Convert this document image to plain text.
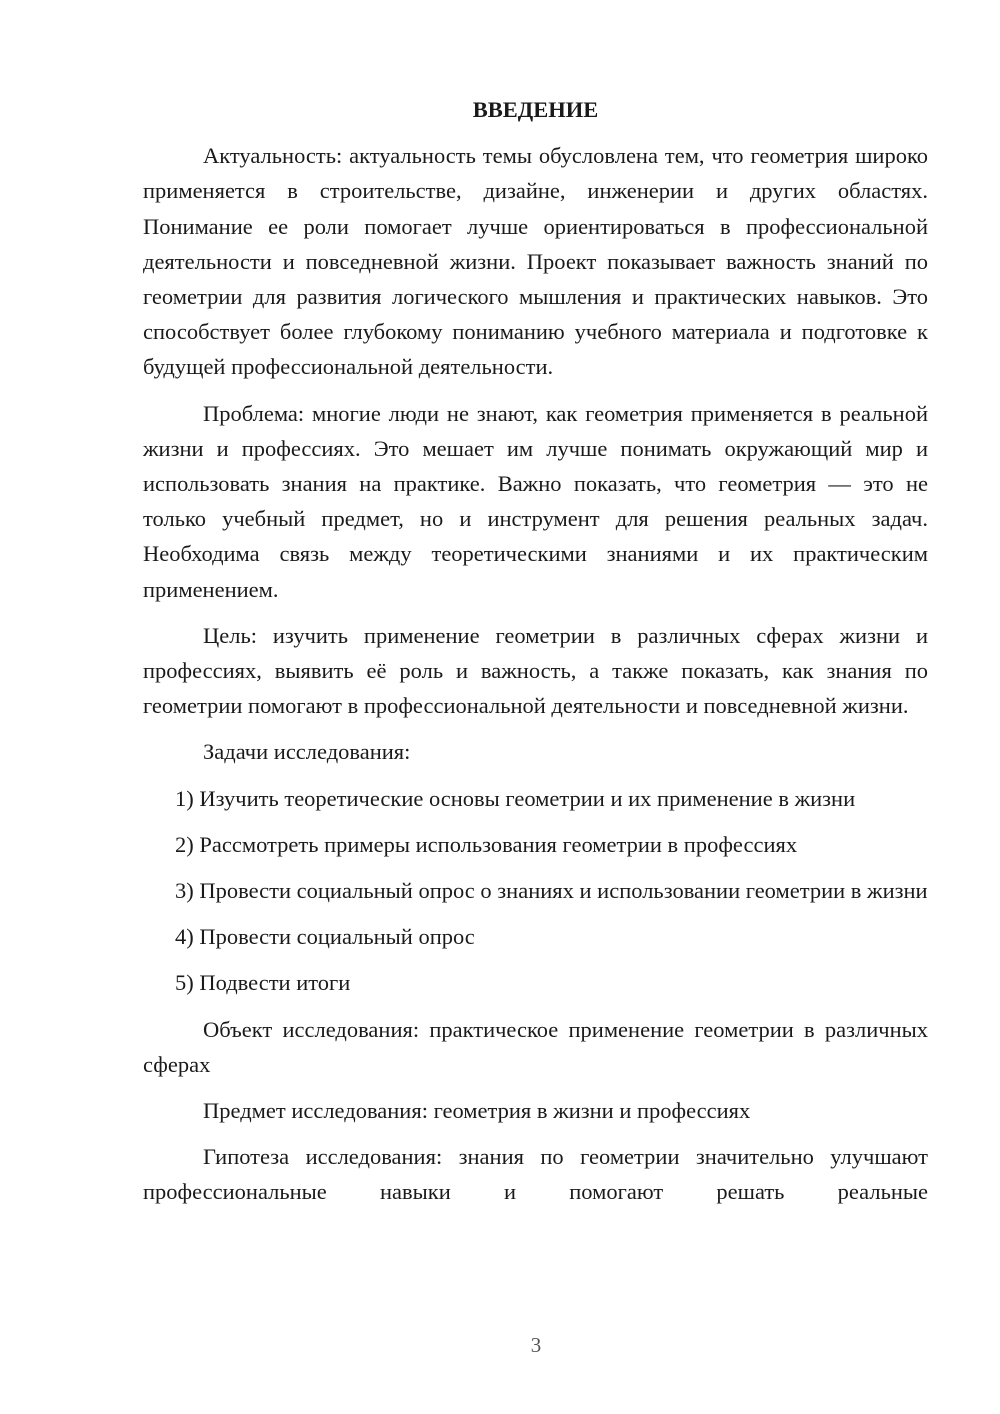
ВВЕДЕНИЕ
Актуальность: актуальность темы обусловлена тем, что геометрия широко применяется в строительстве, дизайне, инженерии и других областях. Понимание ее роли помогает лучше ориентироваться в профессиональной деятельности и повседневной жизни. Проект показывает важность знаний по геометрии для развития логического мышления и практических навыков. Это способствует более глубокому пониманию учебного материала и подготовке к будущей профессиональной деятельности.
Проблема: многие люди не знают, как геометрия применяется в реальной жизни и профессиях. Это мешает им лучше понимать окружающий мир и использовать знания на практике. Важно показать, что геометрия — это не только учебный предмет, но и инструмент для решения реальных задач. Необходима связь между теоретическими знаниями и их практическим применением.
Цель: изучить применение геометрии в различных сферах жизни и профессиях, выявить её роль и важность, а также показать, как знания по геометрии помогают в профессиональной деятельности и повседневной жизни.
Задачи исследования:
1) Изучить теоретические основы геометрии и их применение в жизни
2) Рассмотреть примеры использования геометрии в профессиях
3) Провести социальный опрос о знаниях и использовании геометрии в жизни
4) Провести социальный опрос
5) Подвести итоги
Объект исследования: практическое применение геометрии в различных сферах
Предмет исследования: геометрия в жизни и профессиях
Гипотеза исследования: знания по геометрии значительно улучшают профессиональные навыки и помогают решать реальные
3
